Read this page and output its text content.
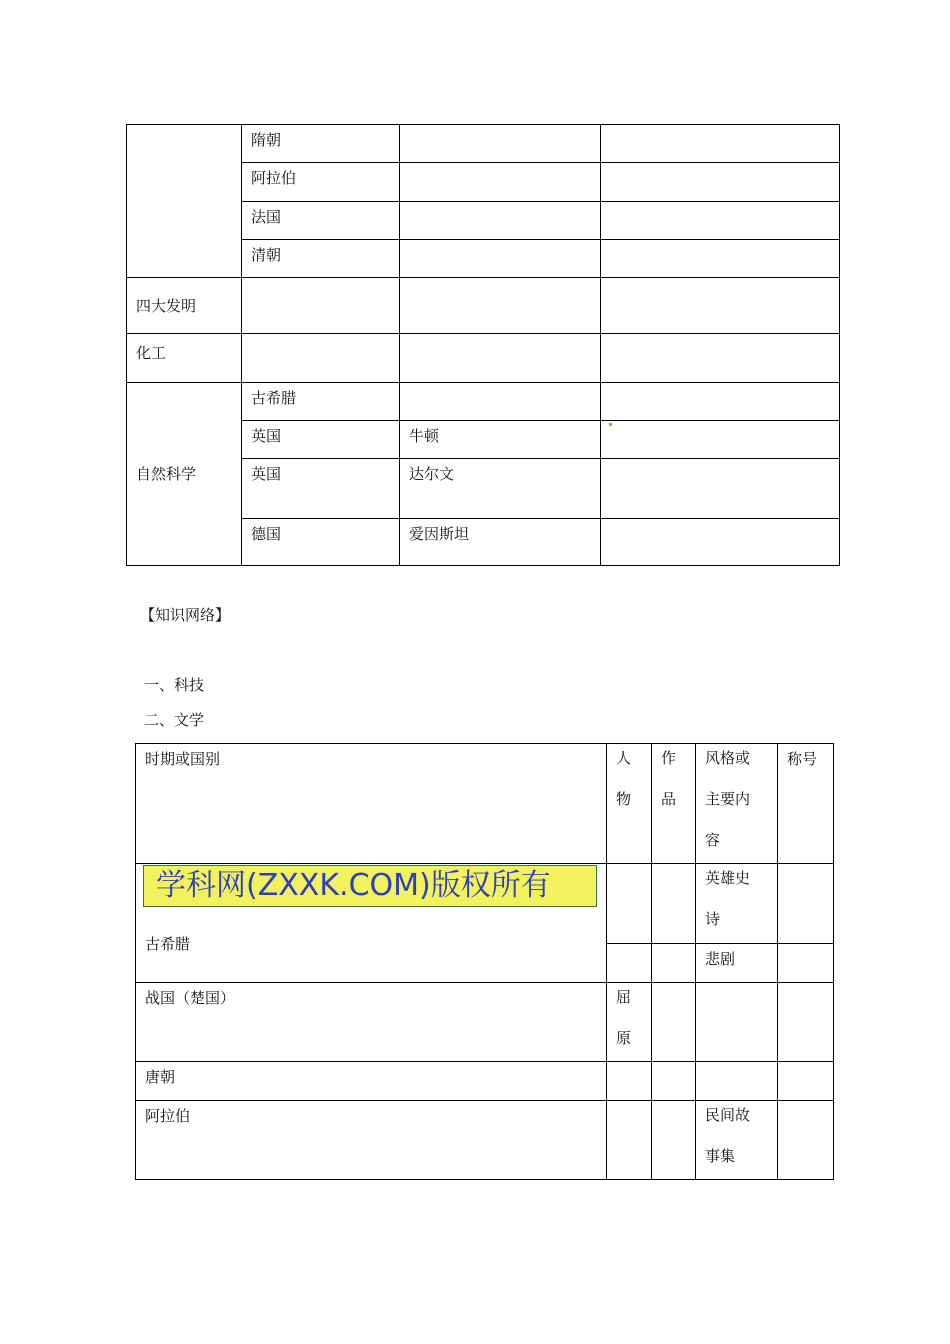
	隋朝		

	阿拉伯		

	法国		

	清朝		

四大发明			

化工			

自然科学	古希腊		

	英国	牛顿	

	英国	达尔文	

	德国	爱因斯坦	

【知识网络】
一、科技
二、文学
时期或国别	人物	作品	风格或主要内容	称号

古希腊			英雄史诗	

			悲剧	

战国（楚国）	屈原			

唐朝				

阿拉伯			民间故事集	

学科网(ZXXK.COM)版权所有
